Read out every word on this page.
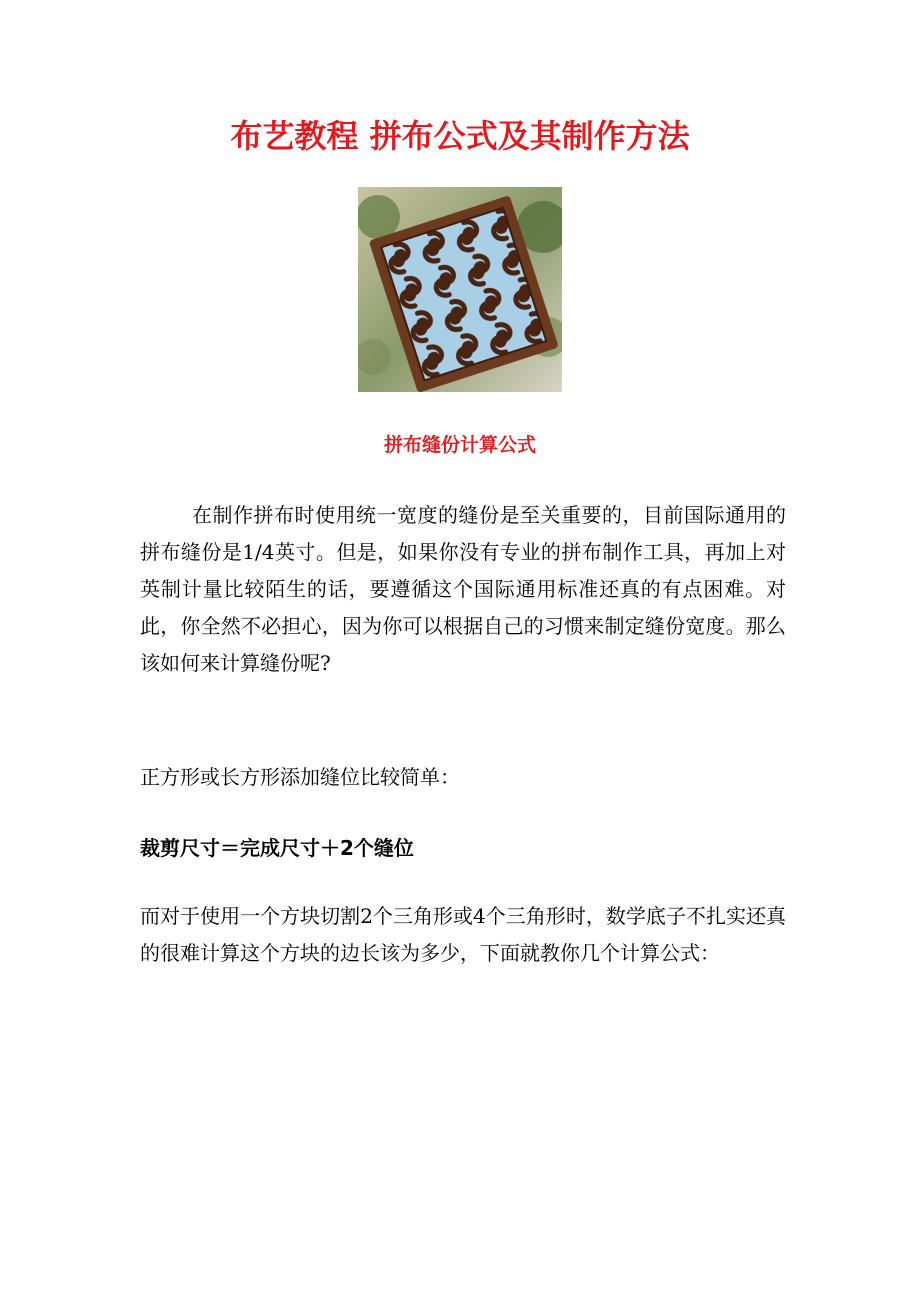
布艺教程 拼布公式及其制作方法
拼布缝份计算公式

在制作拼布时使用统一宽度的缝份是至关重要的，目前国际通用的拼布缝份是1/4英寸。但是，如果你没有专业的拼布制作工具，再加上对英制计量比较陌生的话，要遵循这个国际通用标准还真的有点困难。对此，你全然不必担心，因为你可以根据自己的习惯来制定缝份宽度。那么该如何来计算缝份呢?

正方形或长方形添加缝位比较简单：

裁剪尺寸＝完成尺寸＋2个缝位

而对于使用一个方块切割2个三角形或4个三角形时，数学底子不扎实还真的很难计算这个方块的边长该为多少，下面就教你几个计算公式：
